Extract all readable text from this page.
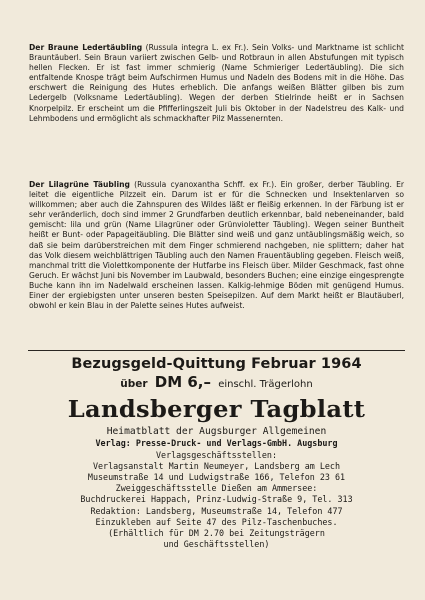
Der Braune Ledertäubling (Russula integra L. ex Fr.). Sein Volks- und Marktname ist schlicht Brauntäuberl. Sein Braun variiert zwischen Gelb- und Rotbraun in allen Abstufungen mit typisch hellen Flecken. Er ist fast immer schmierig (Name Schmieriger Ledertäubling). Die sich entfaltende Knospe trägt beim Aufschirmen Humus und Nadeln des Bodens mit in die Höhe. Das erschwert die Reinigung des Hutes erheblich. Die anfangs weißen Blätter gilben bis zum Ledergelb (Volksname Ledertäubling). Wegen der derben Stielrinde heißt er in Sachsen Knorpelpilz. Er erscheint um die Pfifferlingszeit Juli bis Oktober in der Nadelstreu des Kalk- und Lehmbodens und ermöglicht als schmackhafter Pilz Massenernten.

Der Lilagrüne Täubling (Russula cyanoxantha Schff. ex Fr.). Ein großer, derber Täubling. Er leitet die eigentliche Pilzzeit ein. Darum ist er für die Schnecken und Insektenlarven so willkommen; aber auch die Zahnspuren des Wildes läßt er fleißig erkennen. In der Färbung ist er sehr veränderlich, doch sind immer 2 Grundfarben deutlich erkennbar, bald nebeneinander, bald gemischt: lila und grün (Name Lilagrüner oder Grünvioletter Täubling). Wegen seiner Buntheit heißt er Bunt- oder Papageitäubling. Die Blätter sind weiß und ganz untäublingsmäßig weich, so daß sie beim darüberstreichen mit dem Finger schmierend nachgeben, nie splittern; daher hat das Volk diesem weichblättrigen Täubling auch den Namen Frauentäubling gegeben. Fleisch weiß, manchmal tritt die Violettkomponente der Hutfarbe ins Fleisch über. Milder Geschmack, fast ohne Geruch. Er wächst Juni bis November im Laubwald, besonders Buchen; eine einzige eingesprengte Buche kann ihn im Nadelwald erscheinen lassen. Kalkig-lehmige Böden mit genügend Humus. Einer der ergiebigsten unter unseren besten Speisepilzen. Auf dem Markt heißt er Blautäuberl, obwohl er kein Blau in der Palette seines Hutes aufweist.

Bezugsgeld-Quittung Februar 1964
über DM 6,– einschl. Trägerlohn
Landsberger Tagblatt
Heimatblatt der Augsburger Allgemeinen
Verlag: Presse-Druck- und Verlags-GmbH. Augsburg
Verlagsgeschäftsstellen:
Verlagsanstalt Martin Neumeyer, Landsberg am Lech
Museumstraße 14 und Ludwigstraße 166, Telefon 23 61
Zweiggeschäftsstelle Dießen am Ammersee:
Buchdruckerei Happach, Prinz-Ludwig-Straße 9, Tel. 313
Redaktion: Landsberg, Museumstraße 14, Telefon 477
Einzukleben auf Seite 47 des Pilz-Taschenbuches.
(Erhältlich für DM 2.70 bei Zeitungsträgern
und Geschäftsstellen)
